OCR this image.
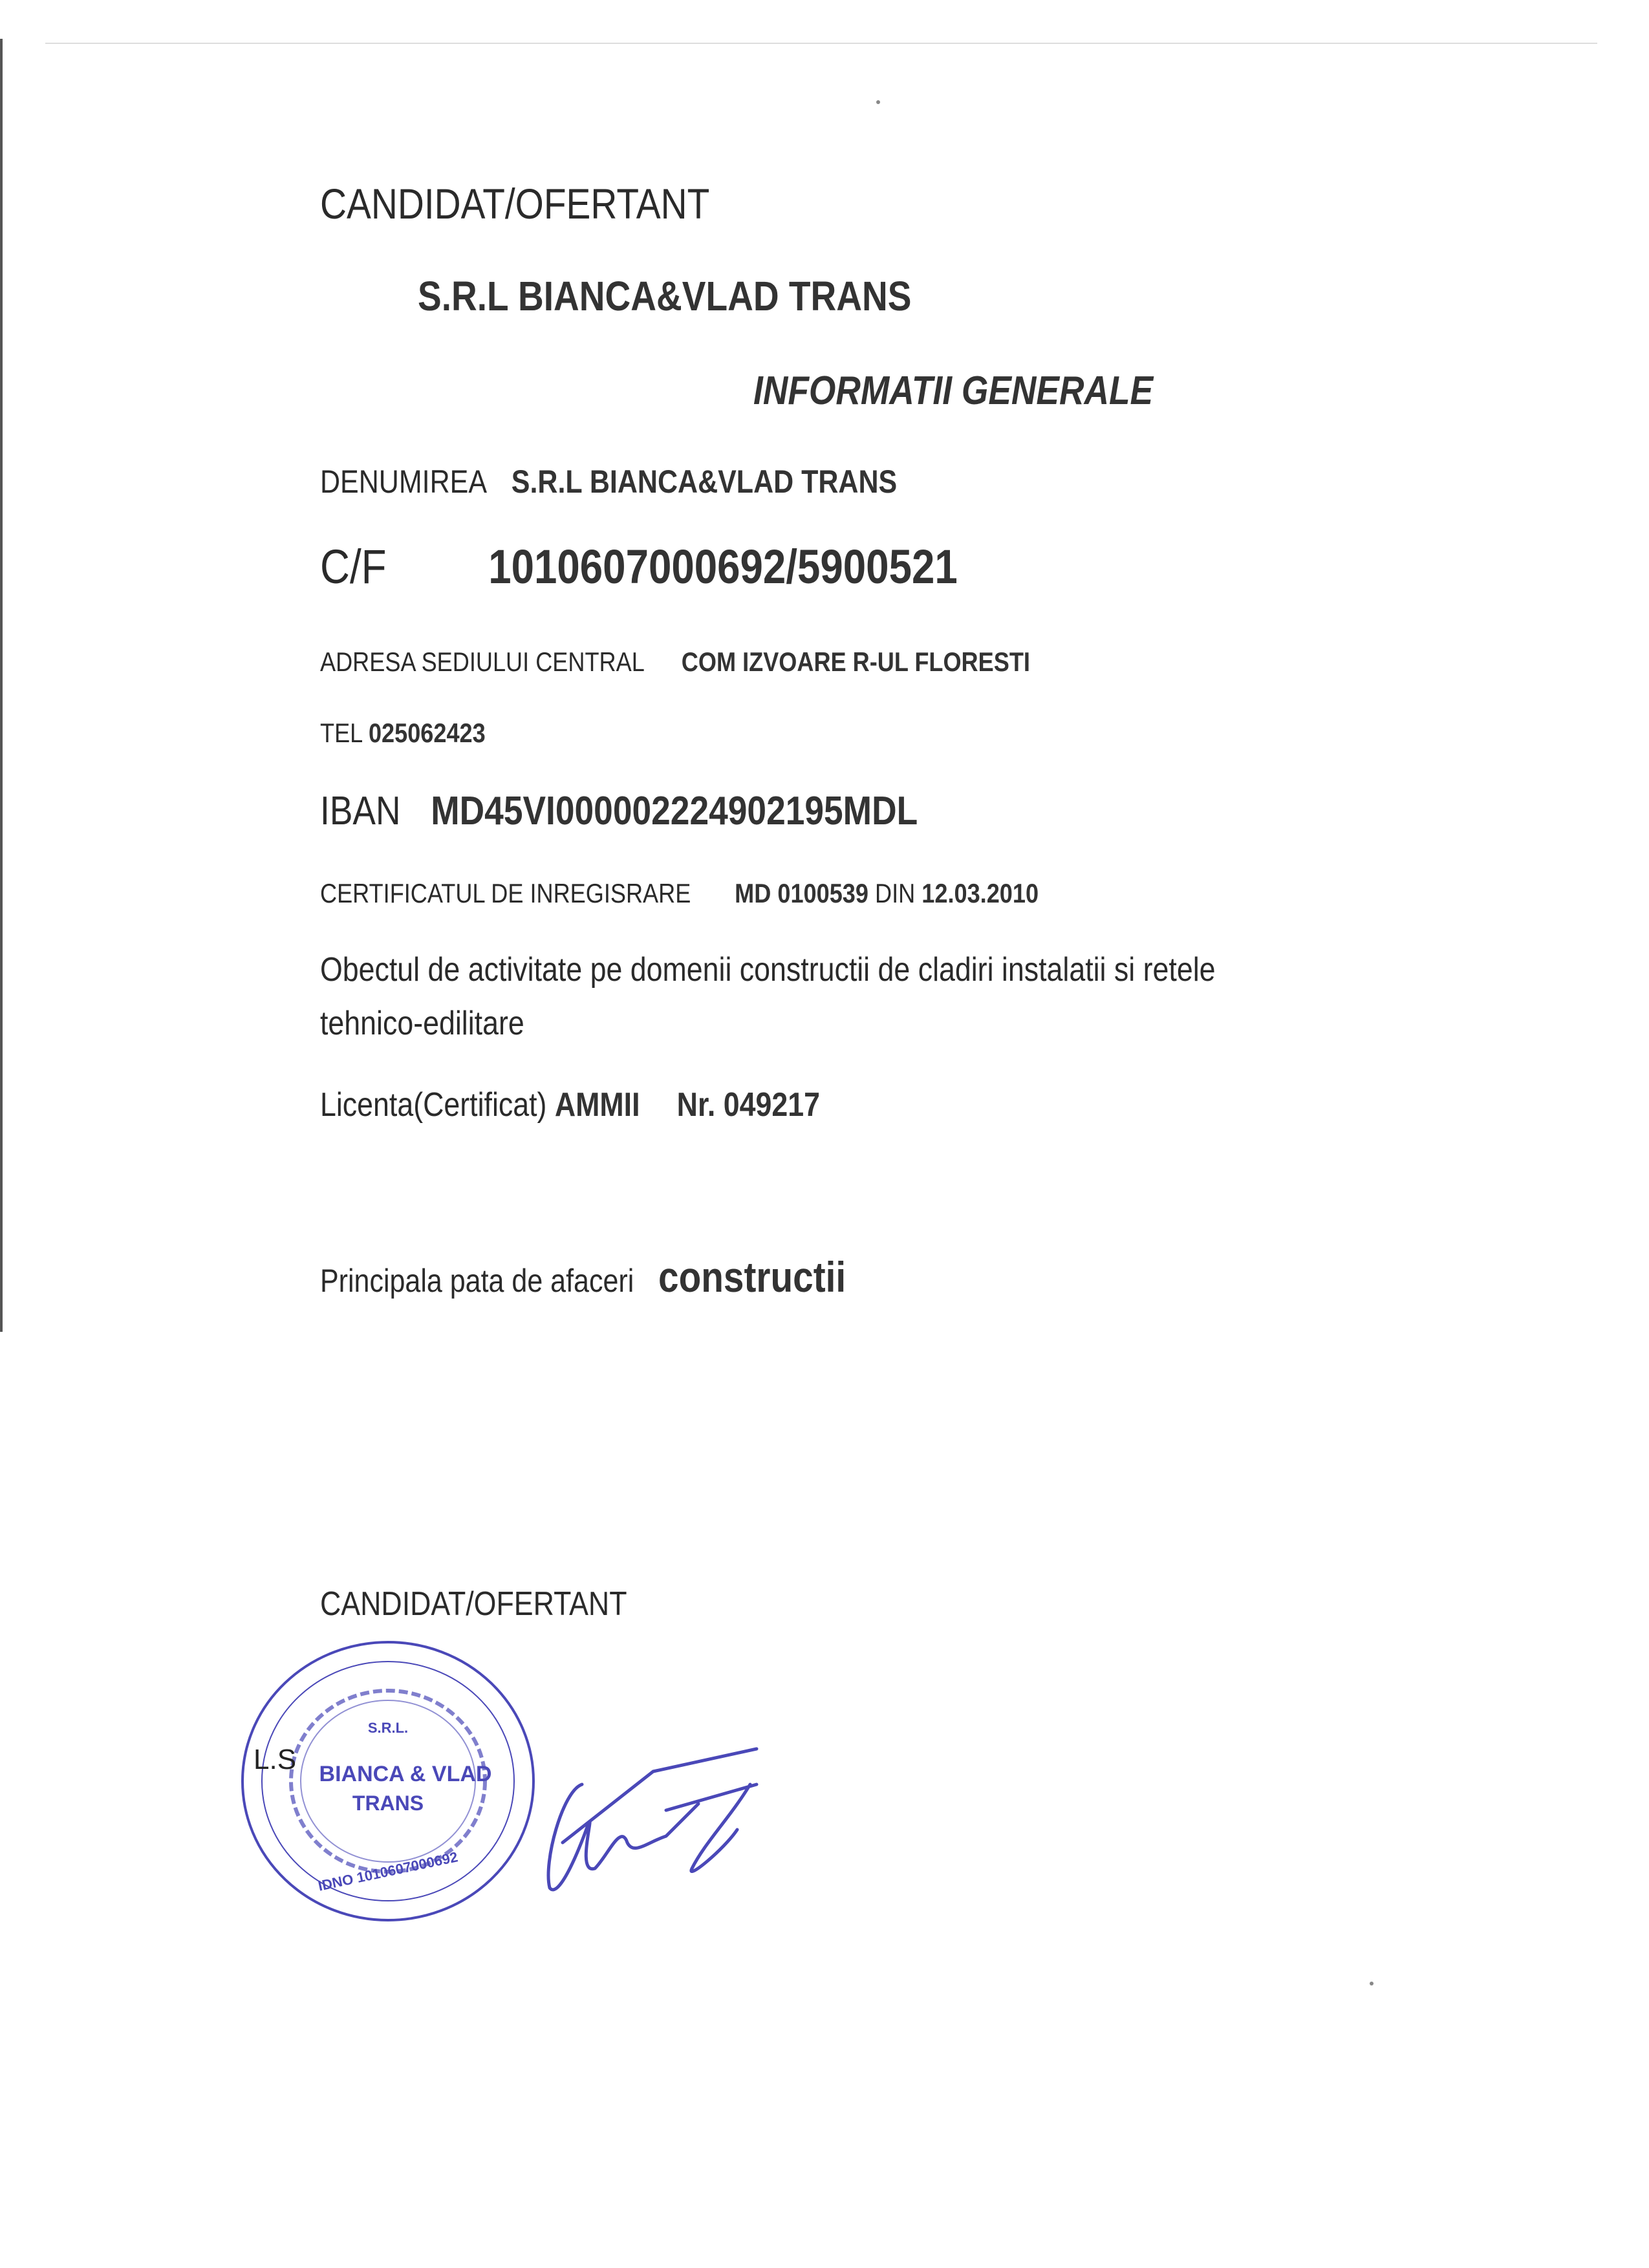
CANDIDAT/OFERTANT
S.R.L BIANCA&VLAD TRANS
INFORMATII GENERALE
DENUMIREA S.R.L BIANCA&VLAD TRANS
C/F 1010607000692/5900521
ADRESA SEDIULUI CENTRAL COM IZVOARE R-UL FLORESTI
TEL 025062423
IBAN MD45VI000002224902195MDL
CERTIFICATUL DE INREGISRARE MD 0100539 DIN 12.03.2010
Obectul de activitate pe domenii constructii de cladiri instalatii si retele
tehnico-edilitare
Licenta(Certificat) AMMII Nr. 049217
Principala pata de afaceri constructii
CANDIDAT/OFERTANT
S.R.L.
BIANCA & VLAD
TRANS
IDNO 1010607000692
L.S
